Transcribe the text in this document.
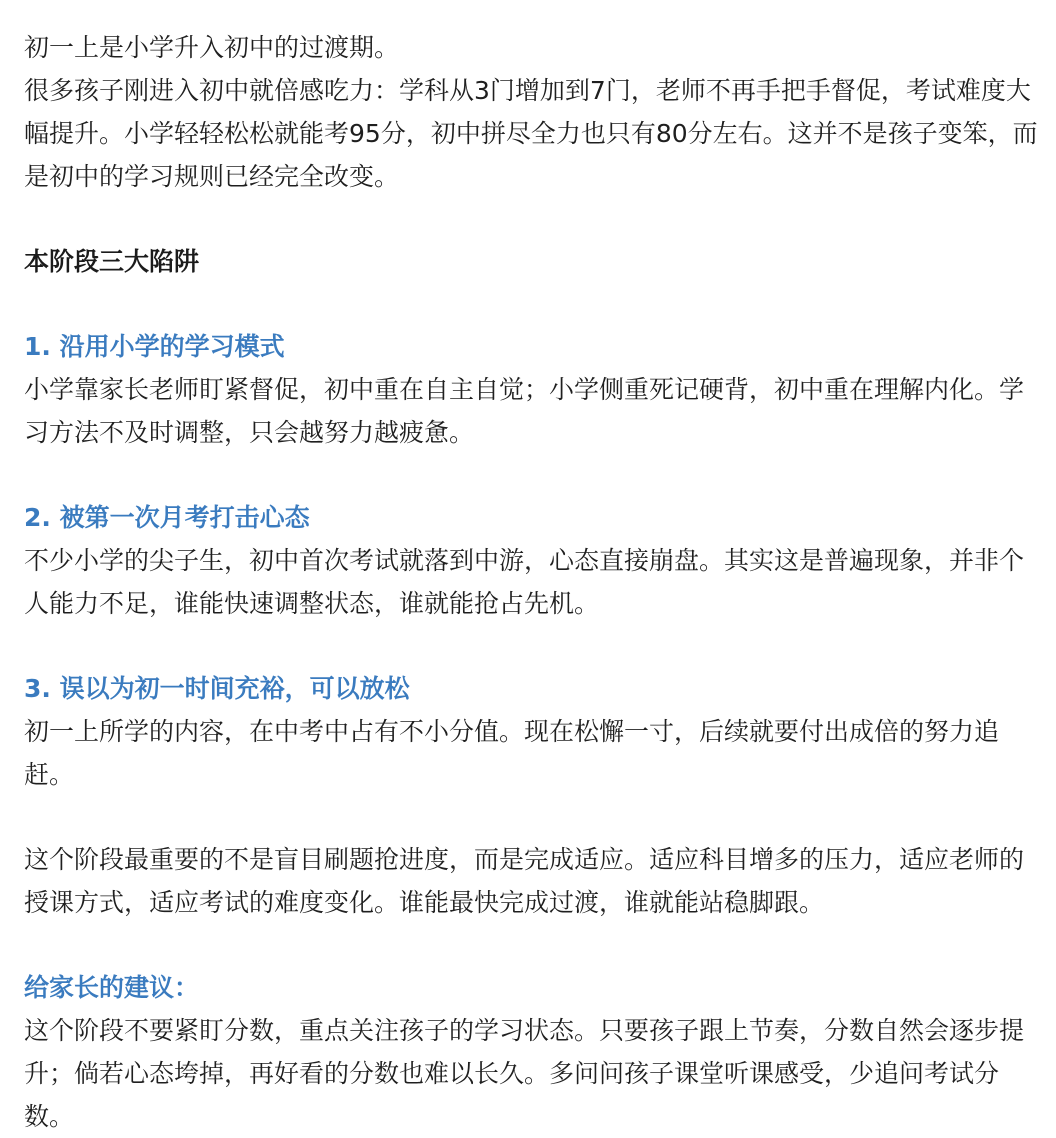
初一上是小学升入初中的过渡期。

很多孩子刚进入初中就倍感吃力：学科从3门增加到7门，老师不再手把手督促，考试难度大幅提升。小学轻轻松松就能考95分，初中拼尽全力也只有80分左右。这并不是孩子变笨，而是初中的学习规则已经完全改变。

本阶段三大陷阱

1. 沿用小学的学习模式

小学靠家长老师盯紧督促，初中重在自主自觉；小学侧重死记硬背，初中重在理解内化。学习方法不及时调整，只会越努力越疲惫。

2. 被第一次月考打击心态

不少小学的尖子生，初中首次考试就落到中游，心态直接崩盘。其实这是普遍现象，并非个人能力不足，谁能快速调整状态，谁就能抢占先机。

3. 误以为初一时间充裕，可以放松

初一上所学的内容，在中考中占有不小分值。现在松懈一寸，后续就要付出成倍的努力追赶。

这个阶段最重要的不是盲目刷题抢进度，而是完成适应。适应科目增多的压力，适应老师的授课方式，适应考试的难度变化。谁能最快完成过渡，谁就能站稳脚跟。

给家长的建议：

这个阶段不要紧盯分数，重点关注孩子的学习状态。只要孩子跟上节奏，分数自然会逐步提升；倘若心态垮掉，再好看的分数也难以长久。多问问孩子课堂听课感受，少追问考试分数。
